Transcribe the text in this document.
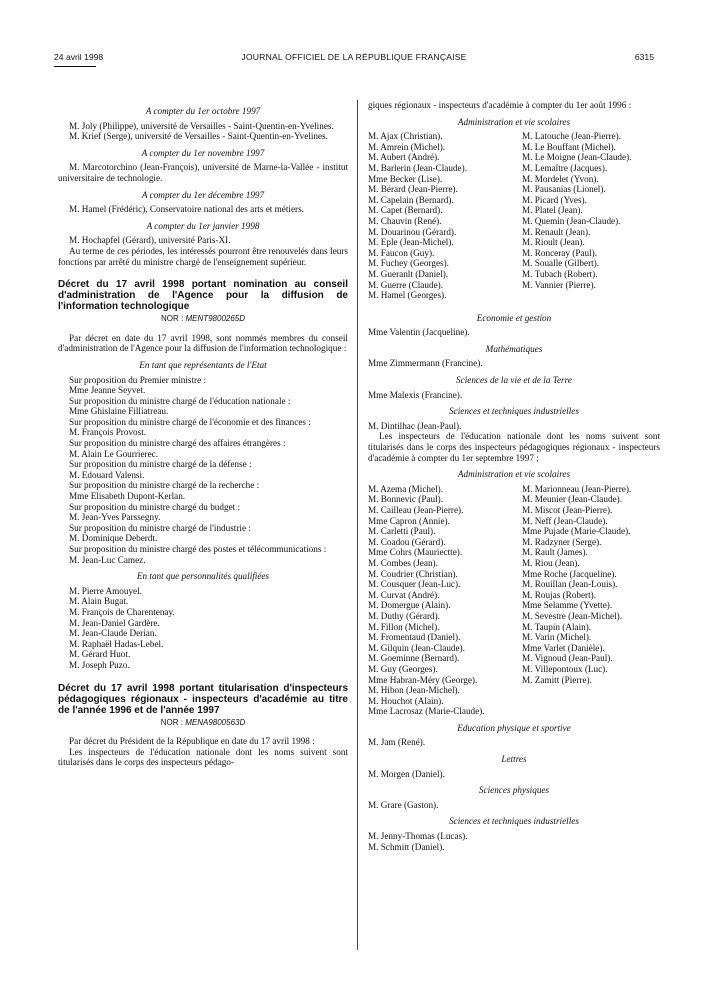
24 avril 1998	JOURNAL OFFICIEL DE LA RÉPUBLIQUE FRANÇAISE	6315

A compter du 1er octobre 1997

M. Joly (Philippe), université de Versailles - Saint-Quentin-en-Yvelines.

M. Krief (Serge), université de Versailles - Saint-Quentin-en-Yvelines.

A compter du 1er novembre 1997

M. Marcotorchino (Jean-François), université de Marne-la-Vallée - institut universitaire de technologie.

A compter du 1er décembre 1997

M. Hamel (Frédéric), Conservatoire national des arts et métiers.

A compter du 1er janvier 1998

M. Hochapfel (Gérard), université Paris-XI.

Au terme de ces périodes, les intéressés pourront être renouvelés dans leurs fonctions par arrêté du ministre chargé de l'enseignement supérieur.

Décret du 17 avril 1998 portant nomination au conseil d'administration de l'Agence pour la diffusion de l'information technologique

NOR : MENT9800265D

Par décret en date du 17 avril 1998, sont nommés membres du conseil d'administration de l'Agence pour la diffusion de l'information technologique :

En tant que représentants de l'Etat

Sur proposition du Premier ministre :

Mme Jeanne Seyvet.

Sur proposition du ministre chargé de l'éducation nationale :

Mme Ghislaine Filliatreau.

Sur proposition du ministre chargé de l'économie et des finances :

M. François Provost.

Sur proposition du ministre chargé des affaires étrangères :

M. Alain Le Gourrierec.

Sur proposition du ministre chargé de la défense :

M. Edouard Valensi.

Sur proposition du ministre chargé de la recherche :

Mme Elisabeth Dupont-Kerlan.

Sur proposition du ministre chargé du budget :

M. Jean-Yves Parssegny.

Sur proposition du ministre chargé de l'industrie :

M. Dominique Deberdt.

Sur proposition du ministre chargé des postes et télécommunications :

M. Jean-Luc Camez.

En tant que personnalités qualifiées

M. Pierre Amouyel.

M. Alain Bugat.

M. François de Charentenay.

M. Jean-Daniel Gardère.

M. Jean-Claude Derian.

M. Raphaël Hadas-Lebel.

M. Gérard Huot.

M. Joseph Puzo.

Décret du 17 avril 1998 portant titularisation d'inspecteurs pédagogiques régionaux - inspecteurs d'académie au titre de l'année 1996 et de l'année 1997

NOR : MENA9800563D

Par décret du Président de la République en date du 17 avril 1998 :

Les inspecteurs de l'éducation nationale dont les noms suivent sont titularisés dans le corps des inspecteurs pédago-

giques régionaux - inspecteurs d'académie à compter du 1er août 1996 :

Administration et vie scolaires

M. Ajax (Christian).

M. Amrein (Michel).

M. Aubert (André).

M. Barlerin (Jean-Claude).

Mme Becker (Lise).

M. Bérard (Jean-Pierre).

M. Capelain (Bernard).

M. Capet (Bernard).

M. Chauvin (René).

M. Douarinou (Gérard).

M. Eple (Jean-Michel).

M. Faucon (Guy).

M. Fuchey (Georges).

M. Gueranlt (Daniel).

M. Guerre (Claude).

M. Hamel (Georges).

M. Latouche (Jean-Pierre).

M. Le Bouffant (Michel).

M. Le Moigne (Jean-Claude).

M. Lemaître (Jacques).

M. Mordelet (Yvon).

M. Pausanias (Lionel).

M. Picard (Yves).

M. Platel (Jean).

M. Quemin (Jean-Claude).

M. Renault (Jean).

M. Rioult (Jean).

M. Ronceray (Paul).

M. Soualle (Gilbert).

M. Tubach (Robert).

M. Vannier (Pierre).

Economie et gestion

Mme Valentin (Jacqueline).

Mathématiques

Mme Zimmermann (Francine).

Sciences de la vie et de la Terre

Mme Malexis (Francine).

Sciences et techniques industrielles

M. Dintilhac (Jean-Paul).

Les inspecteurs de l'éducation nationale dont les noms suivent sont titularisés dans le corps des inspecteurs pédagogiques régionaux - inspecteurs d'académie à compter du 1er septembre 1997 :

Administration et vie scolaires

M. Azema (Michel).

M. Bonnevic (Paul).

M. Cailleau (Jean-Pierre).

Mme Capron (Annie).

M. Carletti (Paul).

M. Coadou (Gérard).

Mme Cohrs (Mauriectte).

M. Combes (Jean).

M. Coudrier (Christian).

M. Cousquer (Jean-Luc).

M. Curvat (André).

M. Domergue (Alain).

M. Duthy (Gérard).

M. Fillon (Michel).

M. Fromentaud (Daniel).

M. Gilquin (Jean-Claude).

M. Goeminne (Bernard).

M. Guy (Georges).

Mme Habran-Méry (George).

M. Hibon (Jean-Michel).

M. Houchot (Alain).

Mme Lacrosaz (Marie-Claude).

M. Marionneau (Jean-Pierre).

M. Meunier (Jean-Claude).

M. Miscot (Jean-Pierre).

M. Neff (Jean-Claude).

Mme Pujade (Marie-Claude).

M. Radzyner (Serge).

M. Rault (James).

M. Riou (Jean).

Mme Roche (Jacqueline).

M. Rouillan (Jean-Louis).

M. Roujas (Robert).

Mme Selamme (Yvette).

M. Sevestre (Jean-Michel).

M. Taupin (Alain).

M. Varin (Michel).

Mme Varlet (Danièle).

M. Vignoud (Jean-Paul).

M. Villepontoux (Luc).

M. Zamitt (Pierre).

Education physique et sportive

M. Jam (René).

Lettres

M. Morgen (Daniel).

Sciences physiques

M. Grare (Gaston).

Sciences et techniques industrielles

M. Jenny-Thomas (Lucas).

M. Schmitt (Daniel).
